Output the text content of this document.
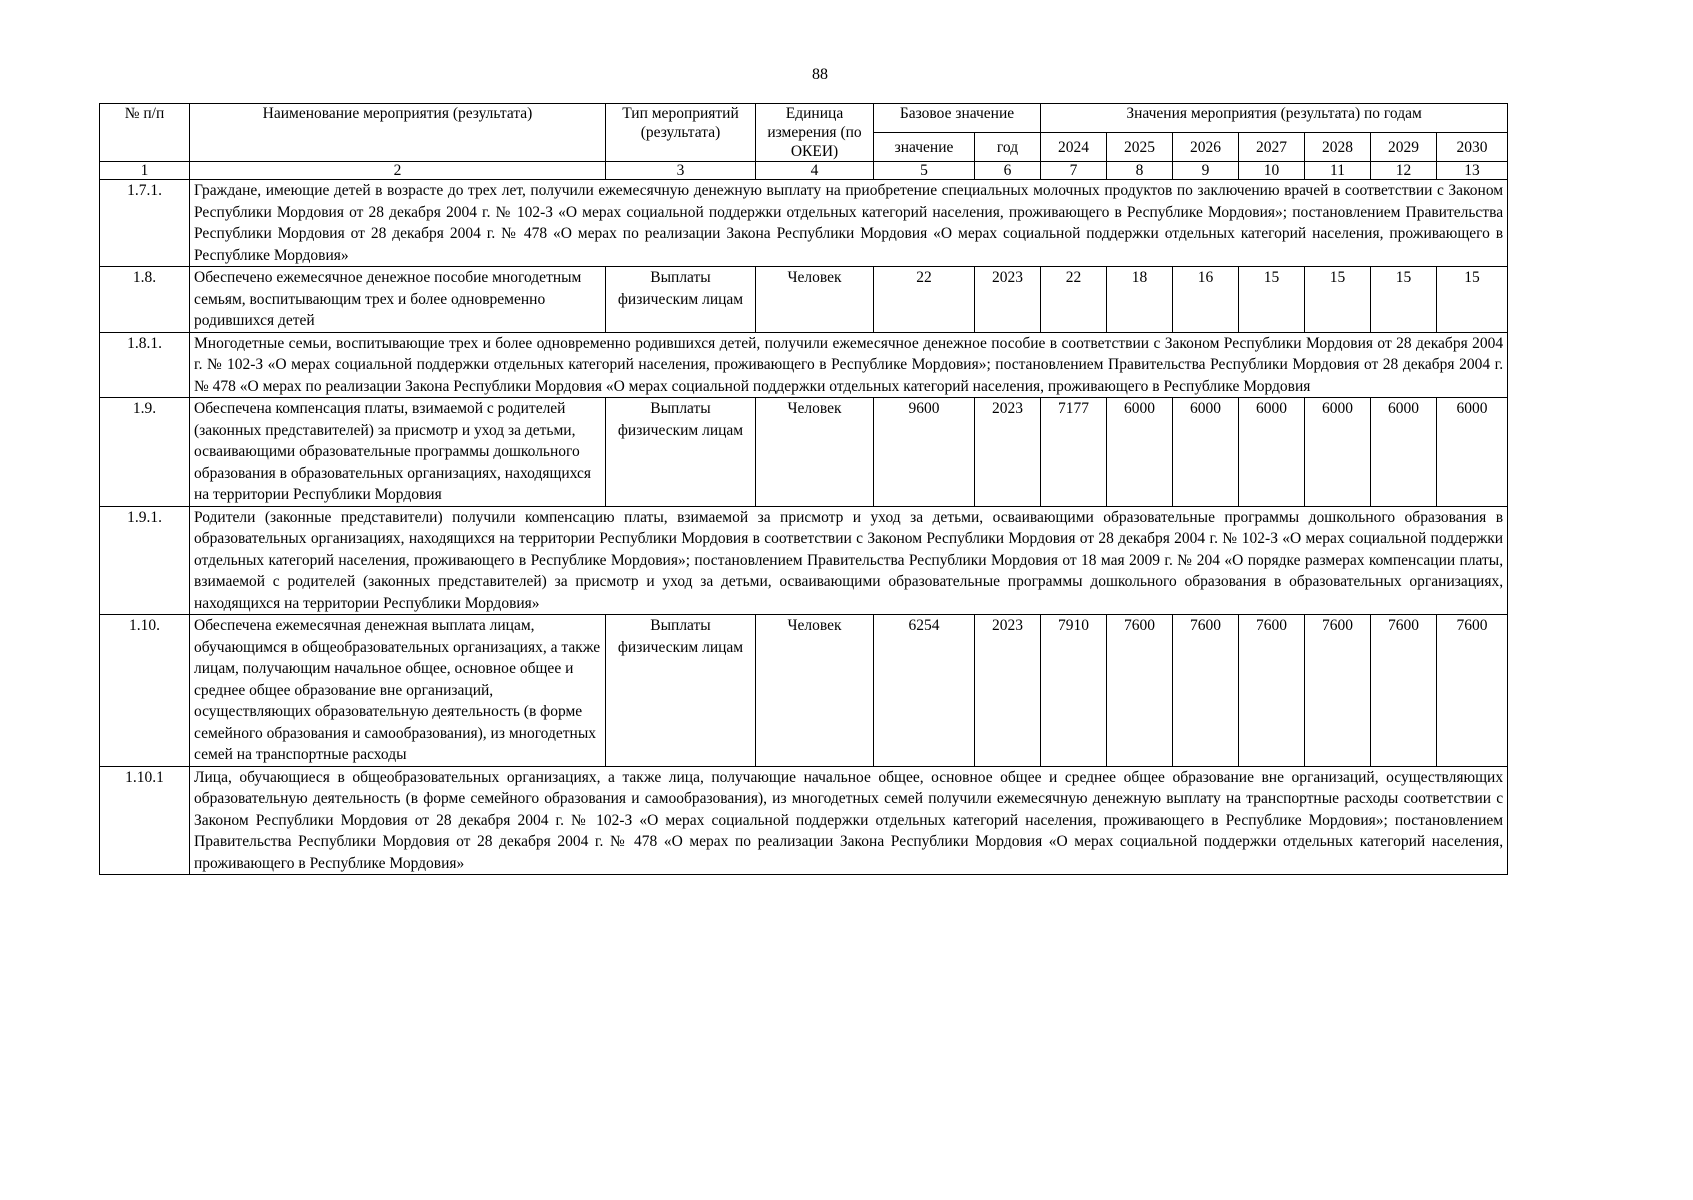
88
№ п/п	Наименование мероприятия (результата)	Тип мероприятий (результата)	Единица измерения (по ОКЕИ)	Базовое значение		Значения мероприятия (результата) по годам						
				значение	год	2024	2025	2026	2027	2028	2029	2030
1	2	3	4	5	6	7	8	9	10	11	12	13
1.7.1.	Граждане, имеющие детей в возрасте до трех лет, получили ежемесячную денежную выплату на приобретение специальных молочных продуктов по заключению врачей в соответствии с Законом Республики Мордовия от 28 декабря 2004 г. № 102-З «О мерах социальной поддержки отдельных категорий населения, проживающего в Республике Мордовия»; постановлением Правительства Республики Мордовия от 28 декабря 2004 г. № 478 «О мерах по реализации Закона Республики Мордовия «О мерах социальной поддержки отдельных категорий населения, проживающего в Республике Мордовия»											
1.8.	Обеспечено ежемесячное денежное пособие многодетным семьям, воспитывающим трех и более одновременно родившихся детей	Выплаты физическим лицам	Человек	22	2023	22	18	16	15	15	15	15
1.8.1.	Многодетные семьи, воспитывающие трех и более одновременно родившихся детей, получили ежемесячное денежное пособие в соответствии с Законом Республики Мордовия от 28 декабря 2004 г. № 102-З «О мерах социальной поддержки отдельных категорий населения, проживающего в Республике Мордовия»; постановлением Правительства Республики Мордовия от 28 декабря 2004 г. № 478 «О мерах по реализации Закона Республики Мордовия «О мерах социальной поддержки отдельных категорий населения, проживающего в Республике Мордовия											
1.9.	Обеспечена компенсация платы, взимаемой с родителей (законных представителей) за присмотр и уход за детьми, осваивающими образовательные программы дошкольного образования в образовательных организациях, находящихся на территории Республики Мордовия	Выплаты физическим лицам	Человек	9600	2023	7177	6000	6000	6000	6000	6000	6000
1.9.1.	Родители (законные представители) получили компенсацию платы, взимаемой за присмотр и уход за детьми, осваивающими образовательные программы дошкольного образования в образовательных организациях, находящихся на территории Республики Мордовия в соответствии с Законом Республики Мордовия от 28 декабря 2004 г. № 102-З «О мерах социальной поддержки отдельных категорий населения, проживающего в Республике Мордовия»; постановлением Правительства Республики Мордовия от 18 мая 2009 г. № 204 «О порядке размерах компенсации платы, взимаемой с родителей (законных представителей) за присмотр и уход за детьми, осваивающими образовательные программы дошкольного образования в образовательных организациях, находящихся на территории Республики Мордовия»											
1.10.	Обеспечена ежемесячная денежная выплата лицам, обучающимся в общеобразовательных организациях, а также лицам, получающим начальное общее, основное общее и среднее общее образование вне организаций, осуществляющих образовательную деятельность (в форме семейного образования и самообразования), из многодетных семей на транспортные расходы	Выплаты физическим лицам	Человек	6254	2023	7910	7600	7600	7600	7600	7600	7600
1.10.1	Лица, обучающиеся в общеобразовательных организациях, а также лица, получающие начальное общее, основное общее и среднее общее образование вне организаций, осуществляющих образовательную деятельность (в форме семейного образования и самообразования), из многодетных семей получили ежемесячную денежную выплату на транспортные расходы соответствии с Законом Республики Мордовия от 28 декабря 2004 г. № 102-З «О мерах социальной поддержки отдельных категорий населения, проживающего в Республике Мордовия»; постановлением Правительства Республики Мордовия от 28 декабря 2004 г. № 478 «О мерах по реализации Закона Республики Мордовия «О мерах социальной поддержки отдельных категорий населения, проживающего в Республике Мордовия»											
